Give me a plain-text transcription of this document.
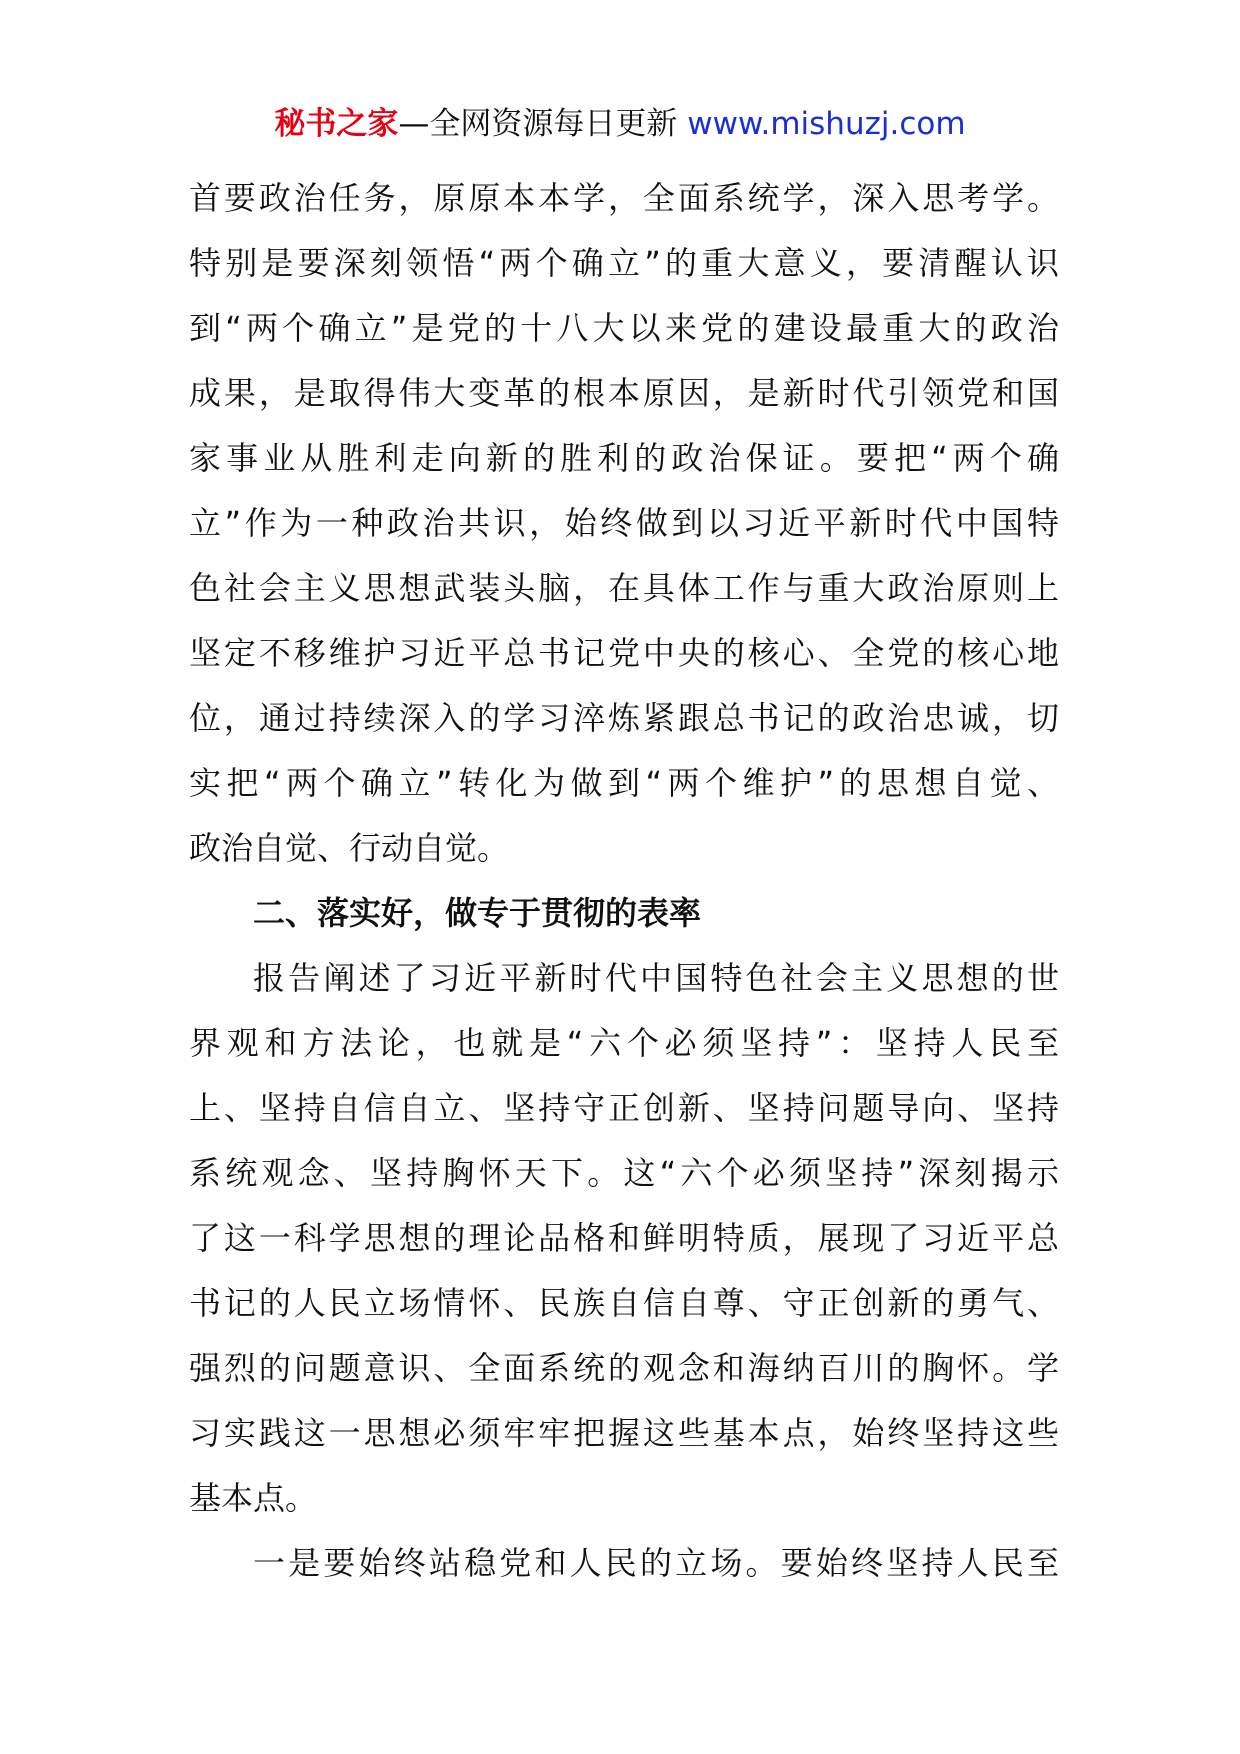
秘书之家—全网资源每日更新 www.mishuzj.com
首要政治任务，原原本本学，全面系统学，深入思考学。
特别是要深刻领悟“两个确立”的重大意义，要清醒认识
到“两个确立”是党的十八大以来党的建设最重大的政治
成果，是取得伟大变革的根本原因，是新时代引领党和国
家事业从胜利走向新的胜利的政治保证。要把“两个确
立”作为一种政治共识，始终做到以习近平新时代中国特
色社会主义思想武装头脑，在具体工作与重大政治原则上
坚定不移维护习近平总书记党中央的核心、全党的核心地
位，通过持续深入的学习淬炼紧跟总书记的政治忠诚，切
实把“两个确立”转化为做到“两个维护”的思想自觉、
政治自觉、行动自觉。
二、落实好，做专于贯彻的表率
报告阐述了习近平新时代中国特色社会主义思想的世
界观和方法论，也就是“六个必须坚持”：坚持人民至
上、坚持自信自立、坚持守正创新、坚持问题导向、坚持
系统观念、坚持胸怀天下。这“六个必须坚持”深刻揭示
了这一科学思想的理论品格和鲜明特质，展现了习近平总
书记的人民立场情怀、民族自信自尊、守正创新的勇气、
强烈的问题意识、全面系统的观念和海纳百川的胸怀。学
习实践这一思想必须牢牢把握这些基本点，始终坚持这些
基本点。
一是要始终站稳党和人民的立场。要始终坚持人民至
